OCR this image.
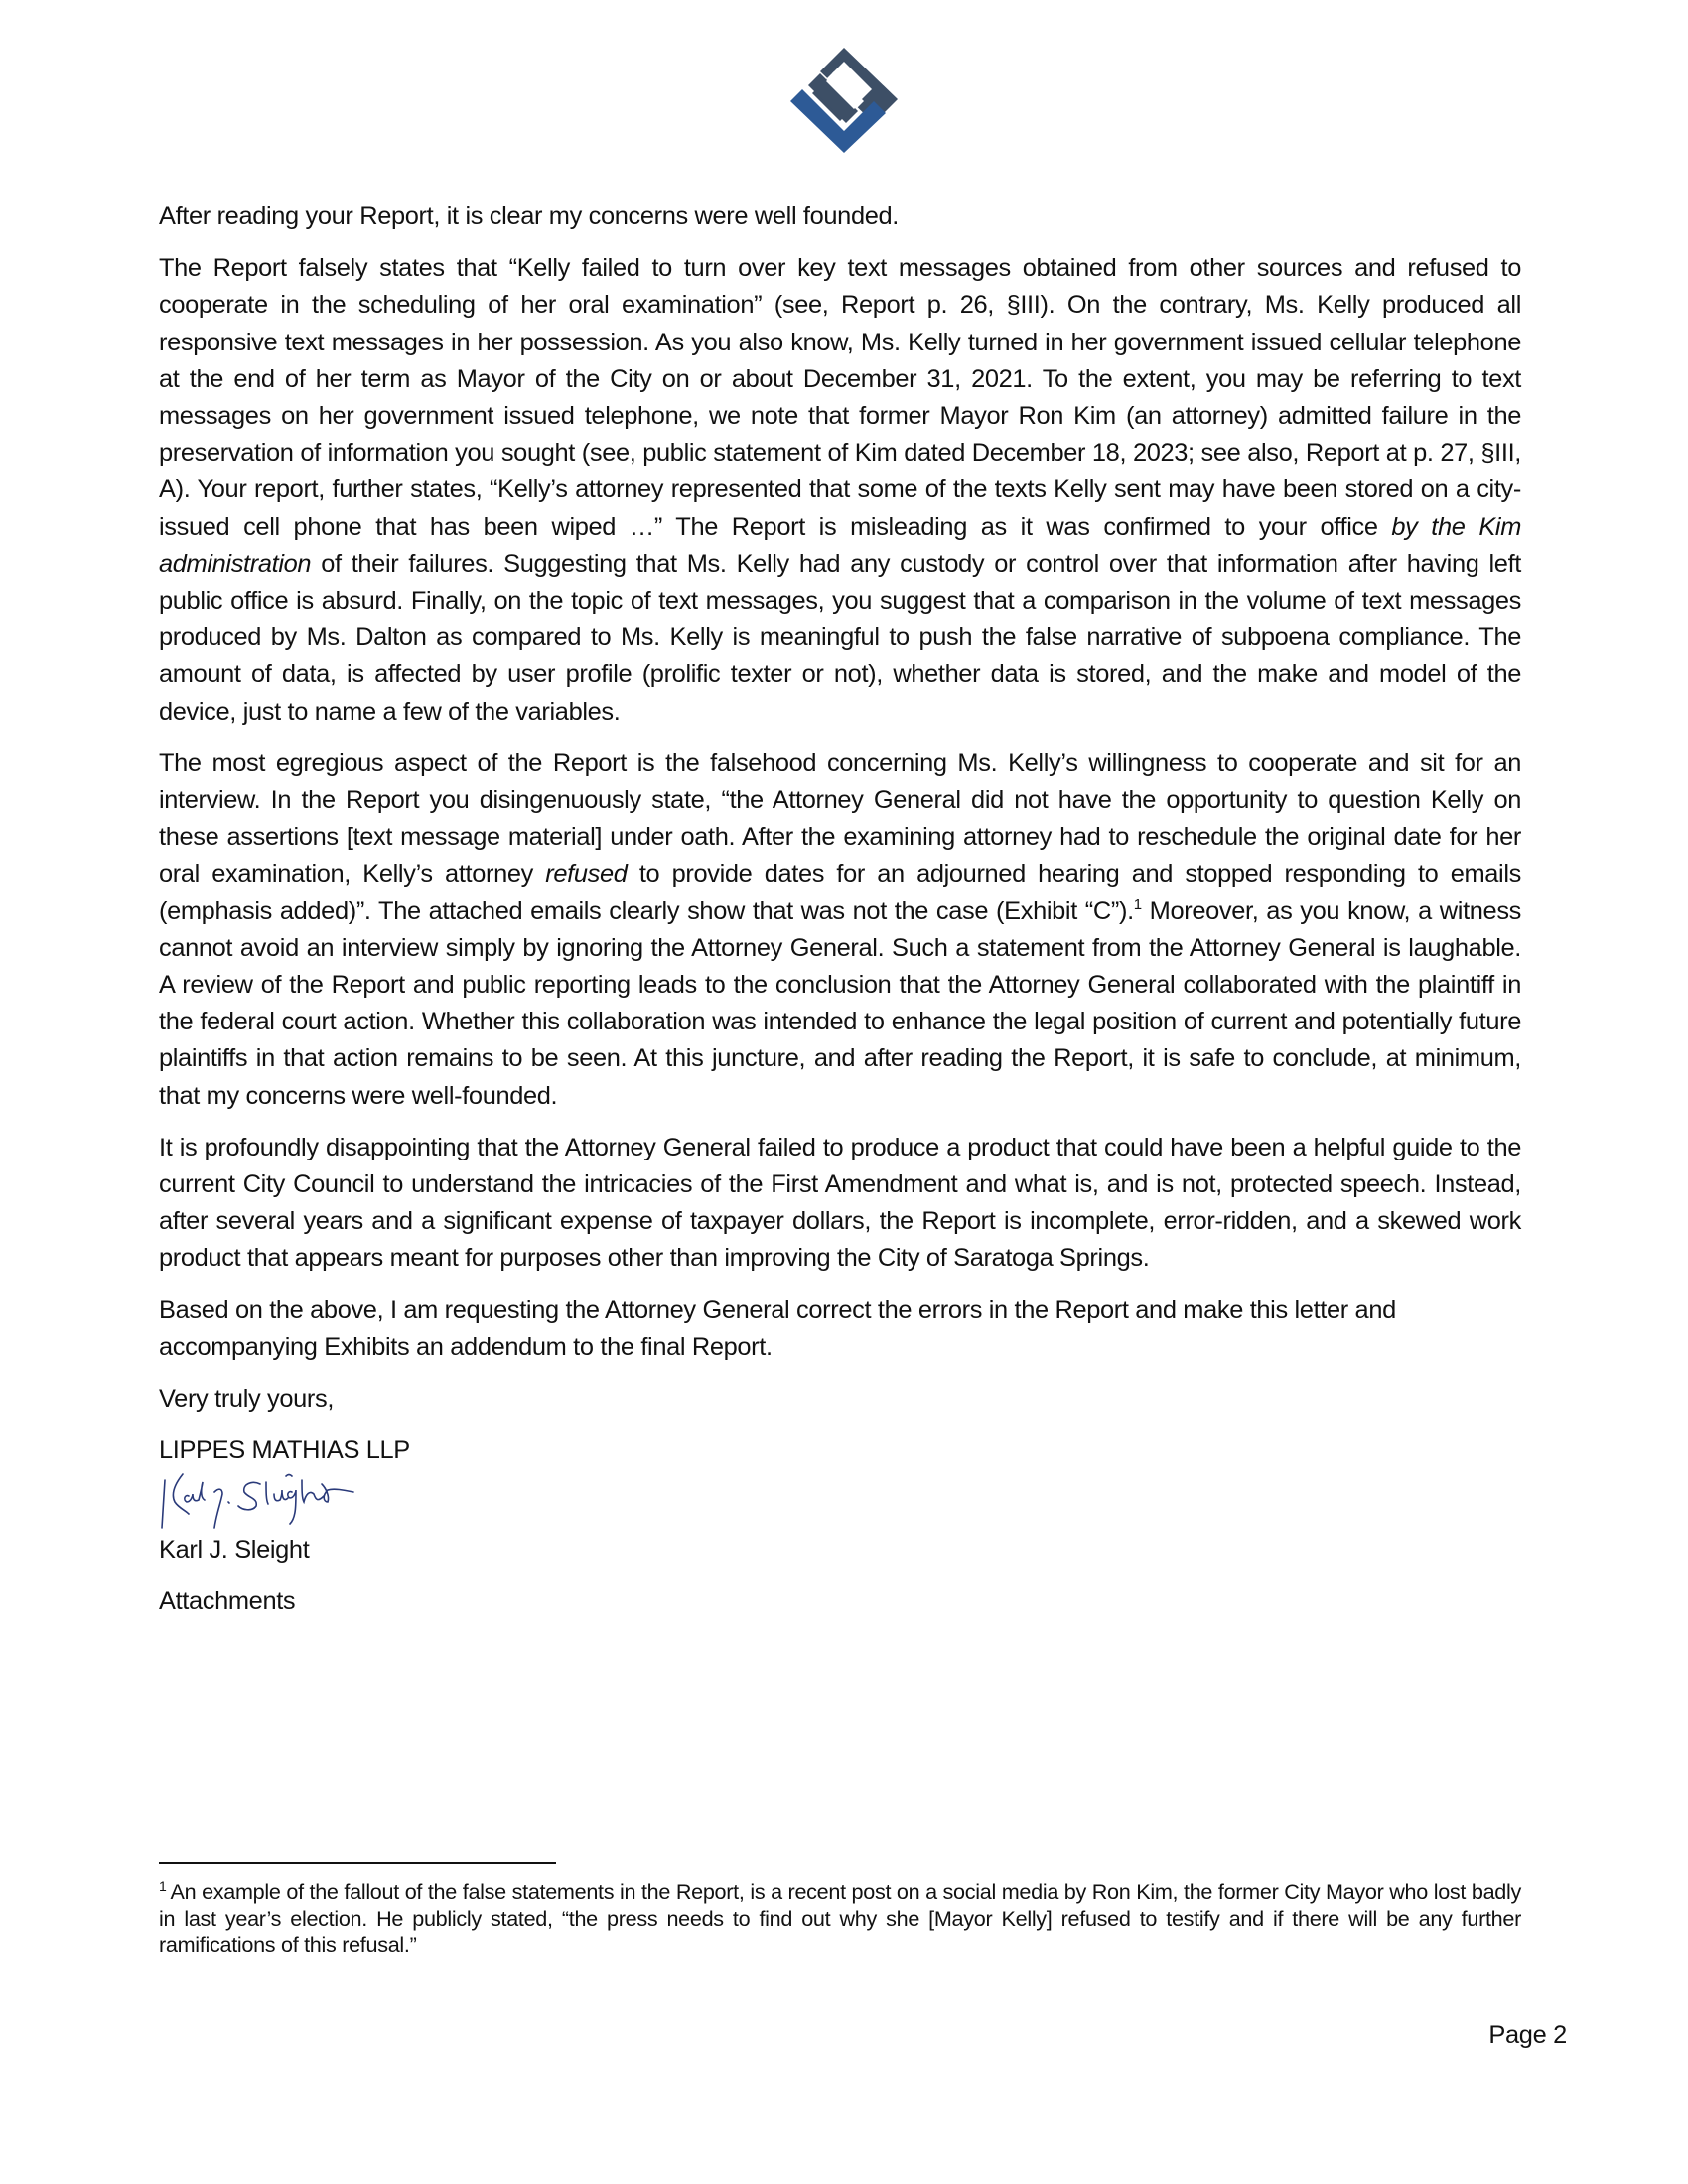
After reading your Report, it is clear my concerns were well founded.

The Report falsely states that “Kelly failed to turn over key text messages obtained from other sources and refused to cooperate in the scheduling of her oral examination” (see, Report p. 26, §III). On the contrary, Ms. Kelly produced all responsive text messages in her possession. As you also know, Ms. Kelly turned in her government issued cellular telephone at the end of her term as Mayor of the City on or about December 31, 2021. To the extent, you may be referring to text messages on her government issued telephone, we note that former Mayor Ron Kim (an attorney) admitted failure in the preservation of information you sought (see, public statement of Kim dated December 18, 2023; see also, Report at p. 27, §III, A). Your report, further states, “Kelly’s attorney represented that some of the texts Kelly sent may have been stored on a city-issued cell phone that has been wiped …” The Report is misleading as it was confirmed to your office by the Kim administration of their failures. Suggesting that Ms. Kelly had any custody or control over that information after having left public office is absurd. Finally, on the topic of text messages, you suggest that a comparison in the volume of text messages produced by Ms. Dalton as compared to Ms. Kelly is meaningful to push the false narrative of subpoena compliance. The amount of data, is affected by user profile (prolific texter or not), whether data is stored, and the make and model of the device, just to name a few of the variables.

The most egregious aspect of the Report is the falsehood concerning Ms. Kelly’s willingness to cooperate and sit for an interview. In the Report you disingenuously state, “the Attorney General did not have the opportunity to question Kelly on these assertions [text message material] under oath. After the examining attorney had to reschedule the original date for her oral examination, Kelly’s attorney refused to provide dates for an adjourned hearing and stopped responding to emails (emphasis added)”. The attached emails clearly show that was not the case (Exhibit “C”).$^1$ Moreover, as you know, a witness cannot avoid an interview simply by ignoring the Attorney General. Such a statement from the Attorney General is laughable. A review of the Report and public reporting leads to the conclusion that the Attorney General collaborated with the plaintiff in the federal court action. Whether this collaboration was intended to enhance the legal position of current and potentially future plaintiffs in that action remains to be seen. At this juncture, and after reading the Report, it is safe to conclude, at minimum, that my concerns were well-founded.

It is profoundly disappointing that the Attorney General failed to produce a product that could have been a helpful guide to the current City Council to understand the intricacies of the First Amendment and what is, and is not, protected speech. Instead, after several years and a significant expense of taxpayer dollars, the Report is incomplete, error-ridden, and a skewed work product that appears meant for purposes other than improving the City of Saratoga Springs.

Based on the above, I am requesting the Attorney General correct the errors in the Report and make this letter and accompanying Exhibits an addendum to the final Report.

Very truly yours,

LIPPES MATHIAS LLP

Karl J. Sleight

Attachments

$^1$ An example of the fallout of the false statements in the Report, is a recent post on a social media by Ron Kim, the former City Mayor who lost badly in last year’s election. He publicly stated, “the press needs to find out why she [Mayor Kelly] refused to testify and if there will be any further ramifications of this refusal.”
Page 2
